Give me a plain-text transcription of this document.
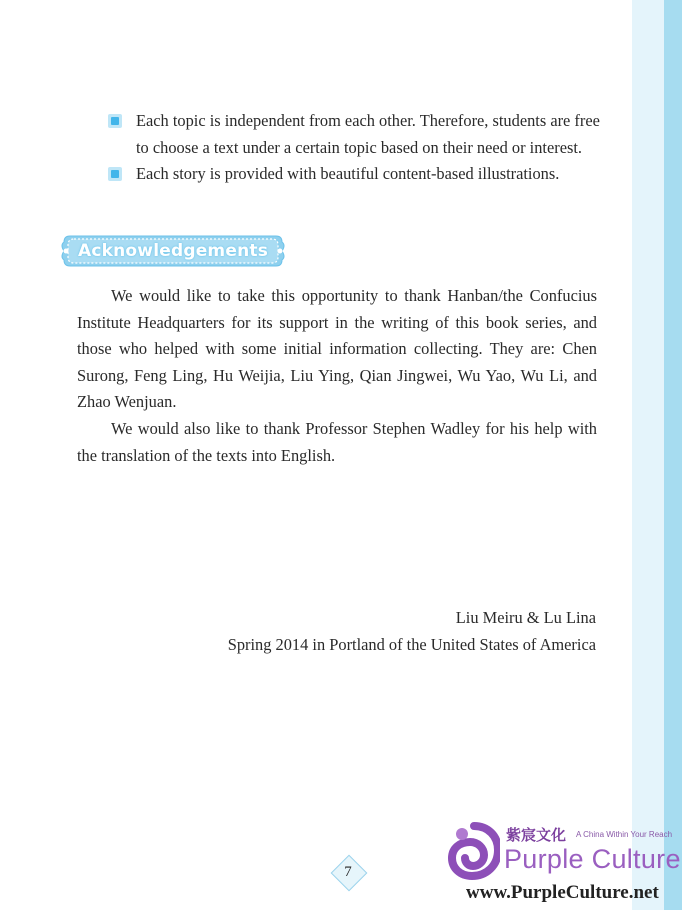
Each topic is independent from each other. Therefore, students are free to choose a text under a certain topic based on their need or interest.
Each story is provided with beautiful content-based illustrations.
Acknowledgements

We would like to take this opportunity to thank Hanban/the Confucius Institute Headquarters for its support in the writing of this book series, and those who helped with some initial information collecting. They are: Chen Surong, Feng Ling, Hu Weijia, Liu Ying, Qian Jingwei, Wu Yao, Wu Li, and Zhao Wenjuan.

We would also like to thank Professor Stephen Wadley for his help with the translation of the texts into English.

Liu Meiru & Lu Lina
Spring 2014 in Portland of the United States of America
7
紫宸文化 A China Within Your Reach
Purple Culture
www.PurpleCulture.net
